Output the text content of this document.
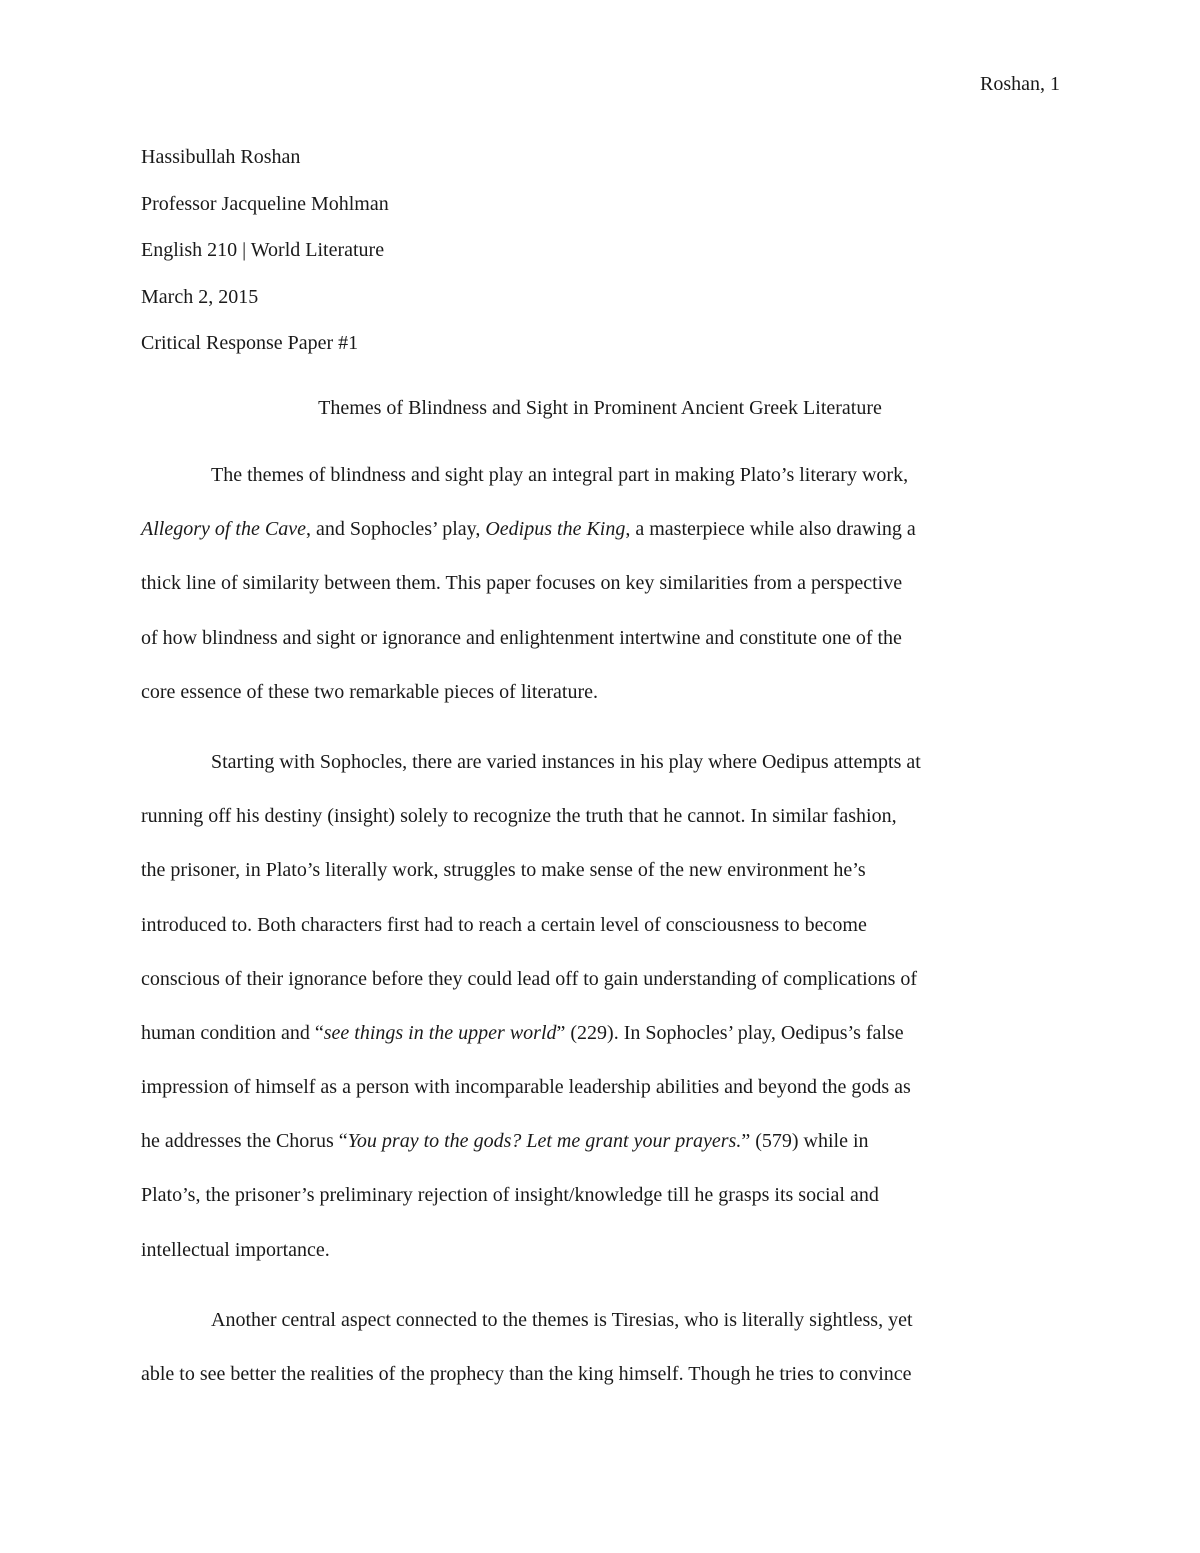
Roshan, 1
Hassibullah Roshan
Professor Jacqueline Mohlman
English 210 | World Literature
March 2, 2015
Critical Response Paper #1
Themes of Blindness and Sight in Prominent Ancient Greek Literature
The themes of blindness and sight play an integral part in making Plato’s literary work,
Allegory of the Cave, and Sophocles’ play, Oedipus the King, a masterpiece while also drawing a
thick line of similarity between them. This paper focuses on key similarities from a perspective
of how blindness and sight or ignorance and enlightenment intertwine and constitute one of the
core essence of these two remarkable pieces of literature.
Starting with Sophocles, there are varied instances in his play where Oedipus attempts at
running off his destiny (insight) solely to recognize the truth that he cannot. In similar fashion,
the prisoner, in Plato’s literally work, struggles to make sense of the new environment he’s
introduced to. Both characters first had to reach a certain level of consciousness to become
conscious of their ignorance before they could lead off to gain understanding of complications of
human condition and “see things in the upper world” (229). In Sophocles’ play, Oedipus’s false
impression of himself as a person with incomparable leadership abilities and beyond the gods as
he addresses the Chorus “You pray to the gods? Let me grant your prayers.” (579) while in
Plato’s, the prisoner’s preliminary rejection of insight/knowledge till he grasps its social and
intellectual importance.
Another central aspect connected to the themes is Tiresias, who is literally sightless, yet
able to see better the realities of the prophecy than the king himself. Though he tries to convince
